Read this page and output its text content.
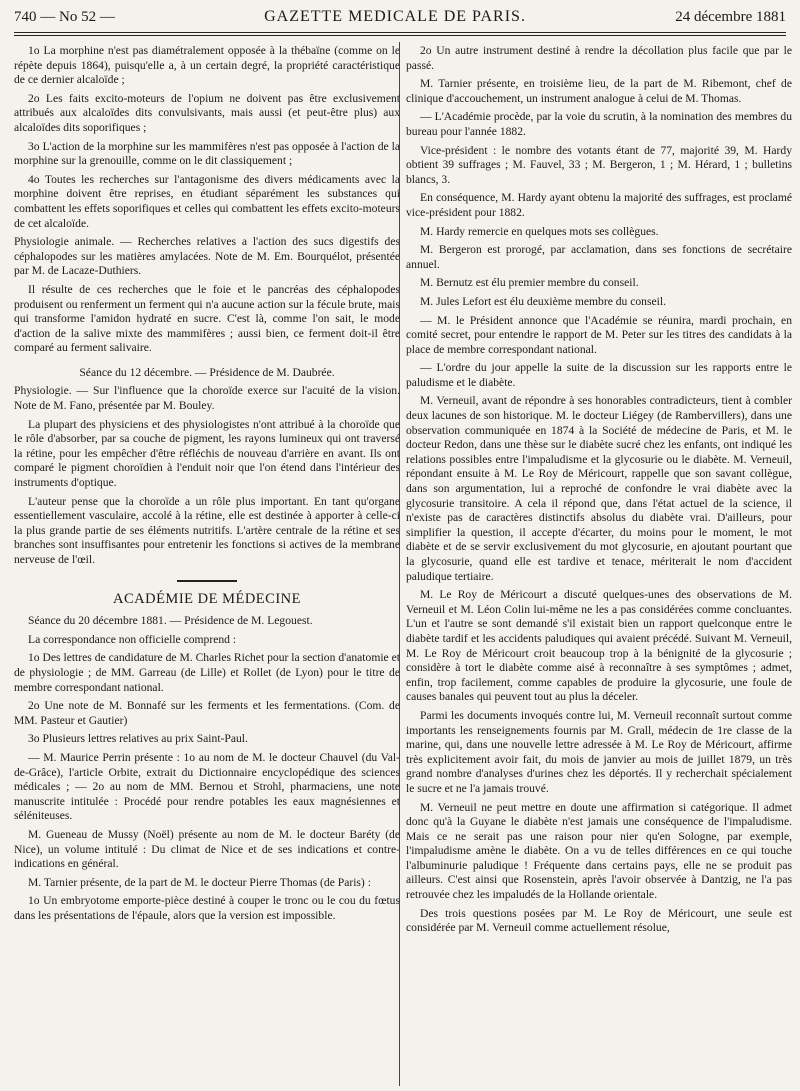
740 — No 52 —	GAZETTE MEDICALE DE PARIS.	24 décembre 1881

1o La morphine n'est pas diamétralement opposée à la thébaïne (comme on le répète depuis 1864), puisqu'elle a, à un certain degré, la propriété caractéristique de ce dernier alcaloïde ;

2o Les faits excito-moteurs de l'opium ne doivent pas être exclusivement attribués aux alcaloïdes dits convulsivants, mais aussi (et peut-être plus) aux alcaloïdes dits soporifiques ;

3o L'action de la morphine sur les mammifères n'est pas opposée à l'action de la morphine sur la grenouille, comme on le dit classiquement ;

4o Toutes les recherches sur l'antagonisme des divers médicaments avec la morphine doivent être reprises, en étudiant séparément les substances qui combattent les effets soporifiques et celles qui combattent les effets excito-moteurs de cet alcaloïde.

Physiologie animale. — Recherches relatives a l'action des sucs digestifs des céphalopodes sur les matières amylacées. Note de M. Em. Bourquélot, présentée par M. de Lacaze-Duthiers.

Il résulte de ces recherches que le foie et le pancréas des céphalopodes produisent ou renferment un ferment qui n'a aucune action sur la fécule brute, mais qui transforme l'amidon hydraté en sucre. C'est là, comme l'on sait, le mode d'action de la salive mixte des mammifères ; aussi bien, ce ferment doit-il être comparé au ferment salivaire.

Séance du 12 décembre. — Présidence de M. Daubrée.

Physiologie. — Sur l'influence que la choroïde exerce sur l'acuité de la vision. Note de M. Fano, présentée par M. Bouley.

La plupart des physiciens et des physiologistes n'ont attribué à la choroïde que le rôle d'absorber, par sa couche de pigment, les rayons lumineux qui ont traversé la rétine, pour les empêcher d'être réfléchis de nouveau d'arrière en avant. Ils ont comparé le pigment choroïdien à l'enduit noir que l'on étend dans l'intérieur des instruments d'optique.

L'auteur pense que la choroïde a un rôle plus important. En tant qu'organe essentiellement vasculaire, accolé à la rétine, elle est destinée à apporter à celle-ci la plus grande partie de ses éléments nutritifs. L'artère centrale de la rétine et ses branches sont insuffisantes pour entretenir les fonctions si actives de la membrane nerveuse de l'œil.

ACADÉMIE DE MÉDECINE

Séance du 20 décembre 1881. — Présidence de M. Legouest.

La correspondance non officielle comprend :

1o Des lettres de candidature de M. Charles Richet pour la section d'anatomie et de physiologie ; de MM. Garreau (de Lille) et Rollet (de Lyon) pour le titre de membre correspondant national.

2o Une note de M. Bonnafé sur les ferments et les fermentations. (Com. de MM. Pasteur et Gautier)

3o Plusieurs lettres relatives au prix Saint-Paul.

— M. Maurice Perrin présente : 1o au nom de M. le docteur Chauvel (du Val-de-Grâce), l'article Orbite, extrait du Dictionnaire encyclopédique des sciences médicales ; — 2o au nom de MM. Bernou et Strohl, pharmaciens, une note manuscrite intitulée : Procédé pour rendre potables les eaux magnésiennes et séléniteuses.

M. Gueneau de Mussy (Noël) présente au nom de M. le docteur Baréty (de Nice), un volume intitulé : Du climat de Nice et de ses indications et contre-indications en général.

M. Tarnier présente, de la part de M. le docteur Pierre Thomas (de Paris) :

1o Un embryotome emporte-pièce destiné à couper le tronc ou le cou du fœtus dans les présentations de l'épaule, alors que la version est impossible.

2o Un autre instrument destiné à rendre la décollation plus facile que par le passé.

M. Tarnier présente, en troisième lieu, de la part de M. Ribemont, chef de clinique d'accouchement, un instrument analogue à celui de M. Thomas.

— L'Académie procède, par la voie du scrutin, à la nomination des membres du bureau pour l'année 1882.

Vice-président : le nombre des votants étant de 77, majorité 39, M. Hardy obtient 39 suffrages ; M. Fauvel, 33 ; M. Bergeron, 1 ; M. Hérard, 1 ; bulletins blancs, 3.

En conséquence, M. Hardy ayant obtenu la majorité des suffrages, est proclamé vice-président pour 1882.

M. Hardy remercie en quelques mots ses collègues.

M. Bergeron est prorogé, par acclamation, dans ses fonctions de secrétaire annuel.

M. Bernutz est élu premier membre du conseil.

M. Jules Lefort est élu deuxième membre du conseil.

— M. le Président annonce que l'Académie se réunira, mardi prochain, en comité secret, pour entendre le rapport de M. Peter sur les titres des candidats à la place de membre correspondant national.

— L'ordre du jour appelle la suite de la discussion sur les rapports entre le paludisme et le diabète.

M. Verneuil, avant de répondre à ses honorables contradicteurs, tient à combler deux lacunes de son historique. M. le docteur Liégey (de Rambervillers), dans une observation communiquée en 1874 à la Société de médecine de Paris, et M. le docteur Redon, dans une thèse sur le diabète sucré chez les enfants, ont indiqué les relations possibles entre l'impaludisme et la glycosurie ou le diabète. M. Verneuil, répondant ensuite à M. Le Roy de Méricourt, rappelle que son savant collègue, dans son argumentation, lui a reproché de confondre le vrai diabète avec la glycosurie transitoire. A cela il répond que, dans l'état actuel de la science, il n'existe pas de caractères distinctifs absolus du diabète vrai. D'ailleurs, pour simplifier la question, il accepte d'écarter, du moins pour le moment, le mot diabète et de se servir exclusivement du mot glycosurie, en ajoutant pourtant que la glycosurie, quand elle est tardive et tenace, mériterait le nom d'accident paludique tertiaire.

M. Le Roy de Méricourt a discuté quelques-unes des observations de M. Verneuil et M. Léon Colin lui-même ne les a pas considérées comme concluantes. L'un et l'autre se sont demandé s'il existait bien un rapport quelconque entre le diabète tardif et les accidents paludiques qui avaient précédé. Suivant M. Verneuil, M. Le Roy de Méricourt croit beaucoup trop à la bénignité de la glycosurie ; considère à tort le diabète comme aisé à reconnaître à ses symptômes ; admet, enfin, trop facilement, comme capables de produire la glycosurie, une foule de causes banales qui peuvent tout au plus la déceler.

Parmi les documents invoqués contre lui, M. Verneuil reconnaît surtout comme importants les renseignements fournis par M. Grall, médecin de 1re classe de la marine, qui, dans une nouvelle lettre adressée à M. Le Roy de Méricourt, affirme très explicitement avoir fait, du mois de janvier au mois de juillet 1879, un très grand nombre d'analyses d'urines chez les déportés. Il y recherchait spécialement le sucre et ne l'a jamais trouvé.

M. Verneuil ne peut mettre en doute une affirmation si catégorique. Il admet donc qu'à la Guyane le diabète n'est jamais une conséquence de l'impaludisme. Mais ce ne serait pas une raison pour nier qu'en Sologne, par exemple, l'impaludisme amène le diabète. On a vu de telles différences en ce qui touche l'albuminurie paludique ! Fréquente dans certains pays, elle ne se produit pas ailleurs. C'est ainsi que Rosenstein, après l'avoir observée à Dantzig, ne l'a pas retrouvée chez les impaludés de la Hollande orientale.

Des trois questions posées par M. Le Roy de Méricourt, une seule est considérée par M. Verneuil comme actuellement résolue,
